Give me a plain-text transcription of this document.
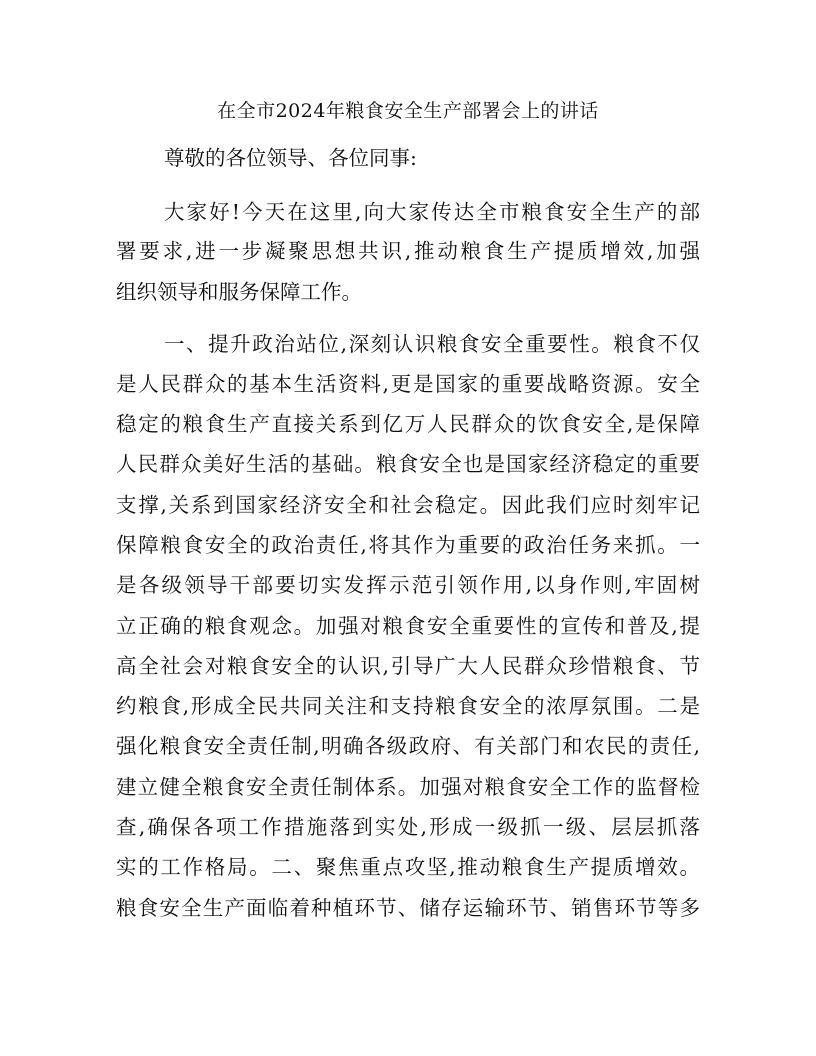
在全市2024年粮食安全生产部署会上的讲话
尊敬的各位领导、各位同事:
大家好!今天在这里,向大家传达全市粮食安全生产的部
署要求,进一步凝聚思想共识,推动粮食生产提质增效,加强
组织领导和服务保障工作。
一、提升政治站位,深刻认识粮食安全重要性。粮食不仅
是人民群众的基本生活资料,更是国家的重要战略资源。安全
稳定的粮食生产直接关系到亿万人民群众的饮食安全,是保障
人民群众美好生活的基础。粮食安全也是国家经济稳定的重要
支撑,关系到国家经济安全和社会稳定。因此我们应时刻牢记
保障粮食安全的政治责任,将其作为重要的政治任务来抓。一
是各级领导干部要切实发挥示范引领作用,以身作则,牢固树
立正确的粮食观念。加强对粮食安全重要性的宣传和普及,提
高全社会对粮食安全的认识,引导广大人民群众珍惜粮食、节
约粮食,形成全民共同关注和支持粮食安全的浓厚氛围。二是
强化粮食安全责任制,明确各级政府、有关部门和农民的责任,
建立健全粮食安全责任制体系。加强对粮食安全工作的监督检
查,确保各项工作措施落到实处,形成一级抓一级、层层抓落
实的工作格局。二、聚焦重点攻坚,推动粮食生产提质增效。
粮食安全生产面临着种植环节、储存运输环节、销售环节等多
